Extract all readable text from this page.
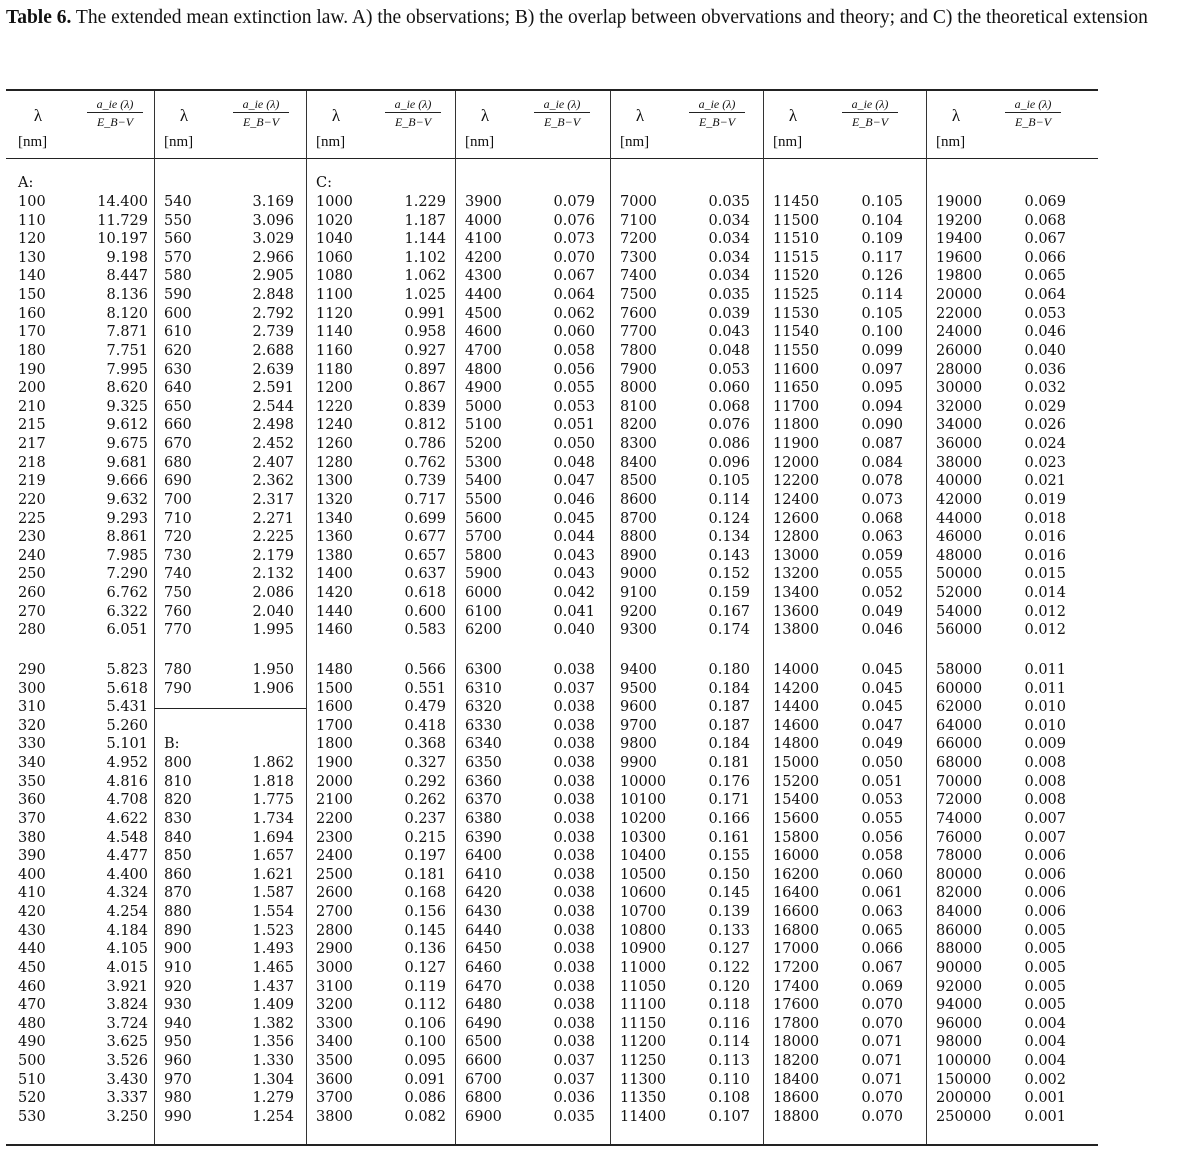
Table 6. The extended mean extinction law. A) the observations; B) the overlap between obvervations and theory; and C) the theoretical extension
λ
[nm]
a_ie (λ)
E_B−V
A:
100	14.400
110	11.729
120	10.197
130	9.198
140	8.447
150	8.136
160	8.120
170	7.871
180	7.751
190	7.995
200	8.620
210	9.325
215	9.612
217	9.675
218	9.681
219	9.666
220	9.632
225	9.293
230	8.861
240	7.985
250	7.290
260	6.762
270	6.322
280	6.051
290	5.823
300	5.618
310	5.431
320	5.260
330	5.101
340	4.952
350	4.816
360	4.708
370	4.622
380	4.548
390	4.477
400	4.400
410	4.324
420	4.254
430	4.184
440	4.105
450	4.015
460	3.921
470	3.824
480	3.724
490	3.625
500	3.526
510	3.430
520	3.337
530	3.250
λ
[nm]
a_ie (λ)
E_B−V
540	3.169
550	3.096
560	3.029
570	2.966
580	2.905
590	2.848
600	2.792
610	2.739
620	2.688
630	2.639
640	2.591
650	2.544
660	2.498
670	2.452
680	2.407
690	2.362
700	2.317
710	2.271
720	2.225
730	2.179
740	2.132
750	2.086
760	2.040
770	1.995
780	1.950
790	1.906
B:
800	1.862
810	1.818
820	1.775
830	1.734
840	1.694
850	1.657
860	1.621
870	1.587
880	1.554
890	1.523
900	1.493
910	1.465
920	1.437
930	1.409
940	1.382
950	1.356
960	1.330
970	1.304
980	1.279
990	1.254
λ
[nm]
a_ie (λ)
E_B−V
C:
1000	1.229
1020	1.187
1040	1.144
1060	1.102
1080	1.062
1100	1.025
1120	0.991
1140	0.958
1160	0.927
1180	0.897
1200	0.867
1220	0.839
1240	0.812
1260	0.786
1280	0.762
1300	0.739
1320	0.717
1340	0.699
1360	0.677
1380	0.657
1400	0.637
1420	0.618
1440	0.600
1460	0.583
1480	0.566
1500	0.551
1600	0.479
1700	0.418
1800	0.368
1900	0.327
2000	0.292
2100	0.262
2200	0.237
2300	0.215
2400	0.197
2500	0.181
2600	0.168
2700	0.156
2800	0.145
2900	0.136
3000	0.127
3100	0.119
3200	0.112
3300	0.106
3400	0.100
3500	0.095
3600	0.091
3700	0.086
3800	0.082
λ
[nm]
a_ie (λ)
E_B−V
3900	0.079
4000	0.076
4100	0.073
4200	0.070
4300	0.067
4400	0.064
4500	0.062
4600	0.060
4700	0.058
4800	0.056
4900	0.055
5000	0.053
5100	0.051
5200	0.050
5300	0.048
5400	0.047
5500	0.046
5600	0.045
5700	0.044
5800	0.043
5900	0.043
6000	0.042
6100	0.041
6200	0.040
6300	0.038
6310	0.037
6320	0.038
6330	0.038
6340	0.038
6350	0.038
6360	0.038
6370	0.038
6380	0.038
6390	0.038
6400	0.038
6410	0.038
6420	0.038
6430	0.038
6440	0.038
6450	0.038
6460	0.038
6470	0.038
6480	0.038
6490	0.038
6500	0.038
6600	0.037
6700	0.037
6800	0.036
6900	0.035
λ
[nm]
a_ie (λ)
E_B−V
7000	0.035
7100	0.034
7200	0.034
7300	0.034
7400	0.034
7500	0.035
7600	0.039
7700	0.043
7800	0.048
7900	0.053
8000	0.060
8100	0.068
8200	0.076
8300	0.086
8400	0.096
8500	0.105
8600	0.114
8700	0.124
8800	0.134
8900	0.143
9000	0.152
9100	0.159
9200	0.167
9300	0.174
9400	0.180
9500	0.184
9600	0.187
9700	0.187
9800	0.184
9900	0.181
10000	0.176
10100	0.171
10200	0.166
10300	0.161
10400	0.155
10500	0.150
10600	0.145
10700	0.139
10800	0.133
10900	0.127
11000	0.122
11050	0.120
11100	0.118
11150	0.116
11200	0.114
11250	0.113
11300	0.110
11350	0.108
11400	0.107
λ
[nm]
a_ie (λ)
E_B−V
11450	0.105
11500	0.104
11510	0.109
11515	0.117
11520	0.126
11525	0.114
11530	0.105
11540	0.100
11550	0.099
11600	0.097
11650	0.095
11700	0.094
11800	0.090
11900	0.087
12000	0.084
12200	0.078
12400	0.073
12600	0.068
12800	0.063
13000	0.059
13200	0.055
13400	0.052
13600	0.049
13800	0.046
14000	0.045
14200	0.045
14400	0.045
14600	0.047
14800	0.049
15000	0.050
15200	0.051
15400	0.053
15600	0.055
15800	0.056
16000	0.058
16200	0.060
16400	0.061
16600	0.063
16800	0.065
17000	0.066
17200	0.067
17400	0.069
17600	0.070
17800	0.070
18000	0.071
18200	0.071
18400	0.071
18600	0.070
18800	0.070
λ
[nm]
a_ie (λ)
E_B−V
19000	0.069
19200	0.068
19400	0.067
19600	0.066
19800	0.065
20000	0.064
22000	0.053
24000	0.046
26000	0.040
28000	0.036
30000	0.032
32000	0.029
34000	0.026
36000	0.024
38000	0.023
40000	0.021
42000	0.019
44000	0.018
46000	0.016
48000	0.016
50000	0.015
52000	0.014
54000	0.012
56000	0.012
58000	0.011
60000	0.011
62000	0.010
64000	0.010
66000	0.009
68000	0.008
70000	0.008
72000	0.008
74000	0.007
76000	0.007
78000	0.006
80000	0.006
82000	0.006
84000	0.006
86000	0.005
88000	0.005
90000	0.005
92000	0.005
94000	0.005
96000	0.004
98000	0.004
100000	0.004
150000	0.002
200000	0.001
250000	0.001
